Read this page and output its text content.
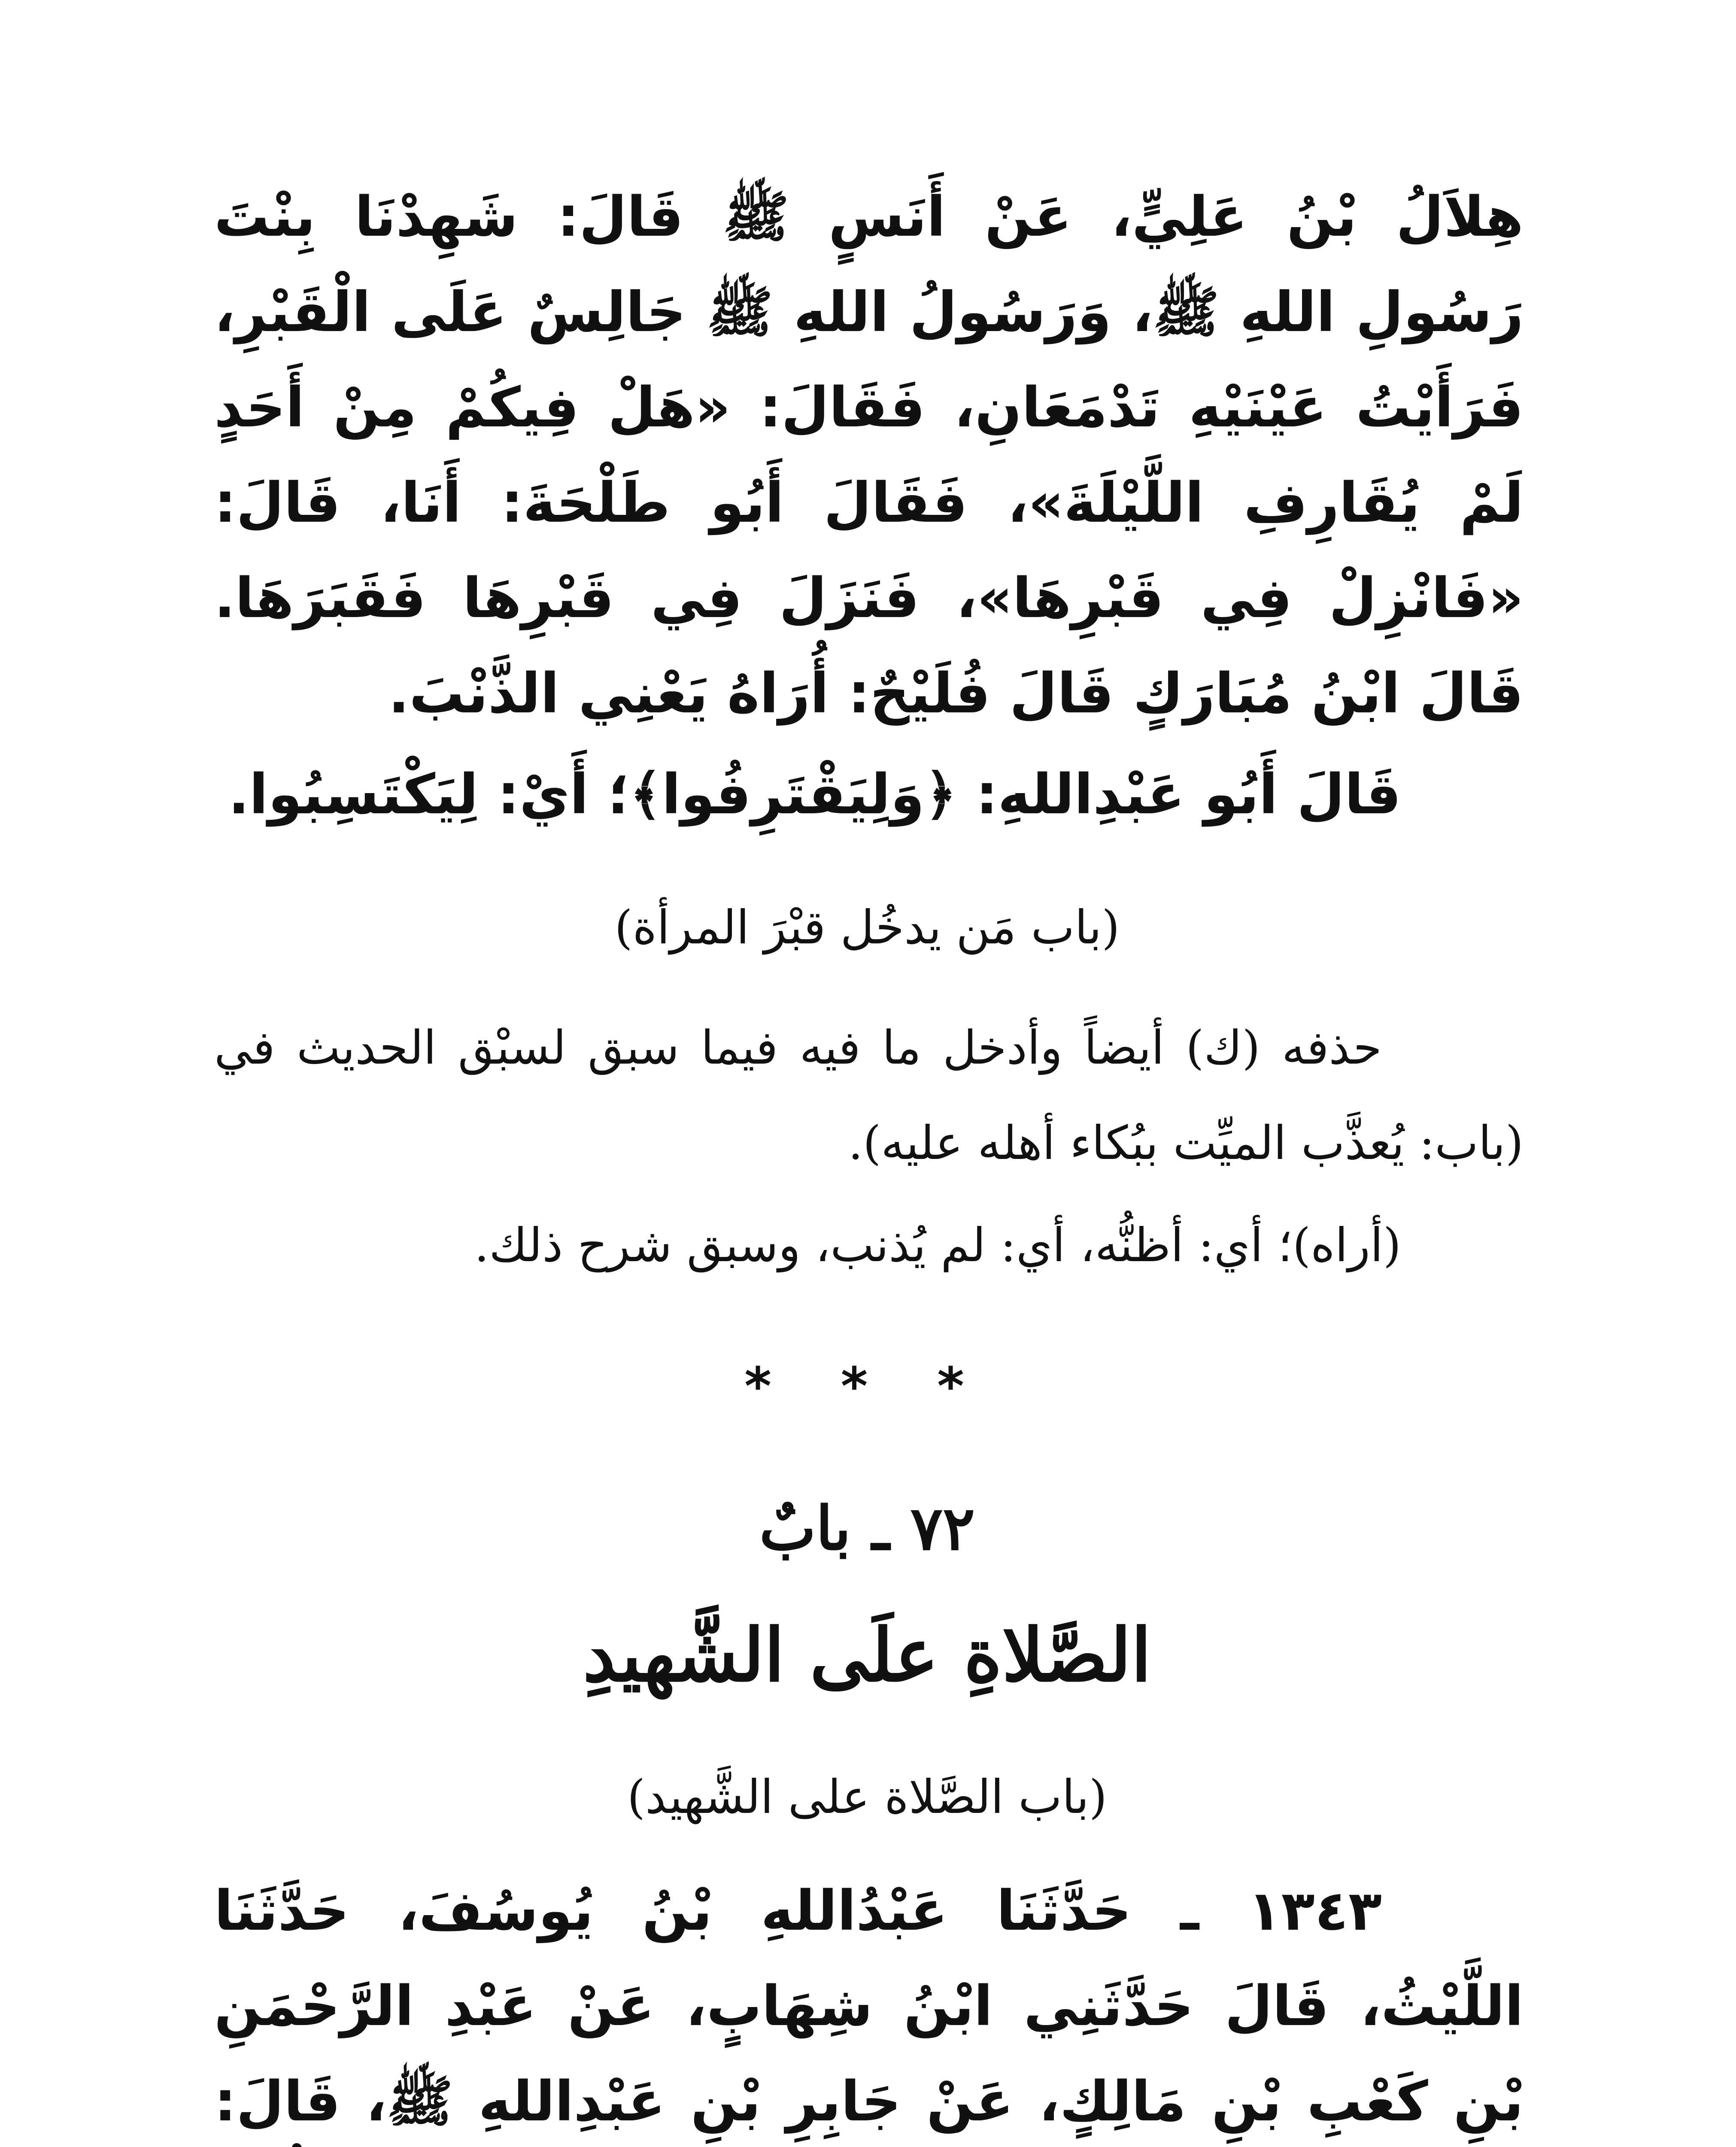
هِلاَلُ بْنُ عَلِيٍّ، عَنْ أَنَسٍ ﷺ قَالَ: شَهِدْنَا بِنْتَ رَسُولِ اللهِ ﷺ، وَرَسُولُ اللهِ ﷺ جَالِسٌ عَلَى الْقَبْرِ، فَرَأَيْتُ عَيْنَيْهِ تَدْمَعَانِ، فَقَالَ: «هَلْ فِيكُمْ مِنْ أَحَدٍ لَمْ يُقَارِفِ اللَّيْلَةَ»، فَقَالَ أَبُو طَلْحَةَ: أَنَا، قَالَ: «فَانْزِلْ فِي قَبْرِهَا»، فَنَزَلَ فِي قَبْرِهَا فَقَبَرَهَا. قَالَ ابْنُ مُبَارَكٍ قَالَ فُلَيْحٌ: أُرَاهُ يَعْنِي الذَّنْبَ.
قَالَ أَبُو عَبْدِاللهِ: ﴿وَلِيَقْتَرِفُوا﴾؛ أَيْ: لِيَكْتَسِبُوا.
(باب مَن يدخُل قبْرَ المرأة)
حذفه (ك) أيضاً وأدخل ما فيه فيما سبق لسبْق الحديث في (باب: يُعذَّب الميِّت ببُكاء أهله عليه).
(أراه)؛ أي: أظنُّه، أي: لم يُذنب، وسبق شرح ذلك.
* * *
٧٢ ـ بابٌ
الصَّلاةِ علَى الشَّهيدِ
(باب الصَّلاة على الشَّهيد)
١٣٤٣ ـ حَدَّثَنَا عَبْدُاللهِ بْنُ يُوسُفَ، حَدَّثَنَا اللَّيْثُ، قَالَ حَدَّثَنِي ابْنُ شِهَابٍ، عَنْ عَبْدِ الرَّحْمَنِ بْنِ كَعْبِ بْنِ مَالِكٍ، عَنْ جَابِرِ بْنِ عَبْدِاللهِ ﷺ، قَالَ:
